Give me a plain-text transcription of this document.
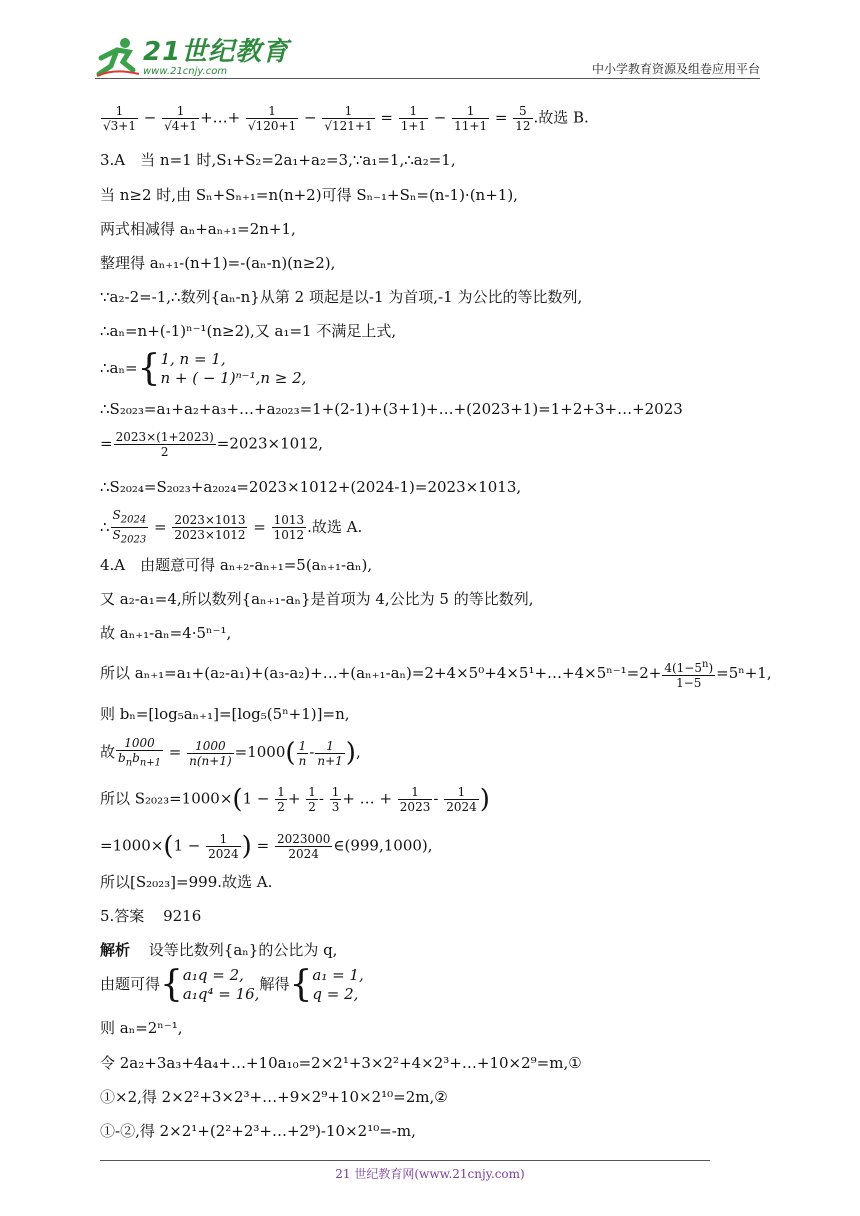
21世纪教育
www.21cnjy.com	中小学教育资源及组卷应用平台
$\frac{1}{√3+1} - \frac{1}{√4+1}$ +…+ $\frac{1}{√120+1} - \frac{1}{√121+1} = \frac{1}{1+1} - \frac{1}{11+1} = \frac{5}{12}$ .故选 B.
3.A　当 n=1 时,S₁+S₂=2a₁+a₂=3,∵a₁=1,∴a₂=1,
当 n≥2 时,由 Sₙ+Sₙ₊₁=n(n+2)可得 Sₙ₋₁+Sₙ=(n-1)·(n+1),
两式相减得 aₙ+aₙ₊₁=2n+1,
整理得 aₙ₊₁-(n+1)=-(aₙ-n)(n≥2),
∵a₂-2=-1,∴数列{aₙ-n}从第 2 项起是以-1 为首项,-1 为公比的等比数列,
∴aₙ=n+(-1)ⁿ⁻¹(n≥2),又 a₁=1 不满足上式,
∴aₙ={ 1, n = 1,
n + ( − 1)ⁿ⁻¹,n ≥ 2,
∴S₂₀₂₃=a₁+a₂+a₃+…+a₂₀₂₃=1+(2-1)+(3+1)+…+(2023+1)=1+2+3+…+2023
= $\frac{2023\times(1+2023)}{2} =2023\times 1012$,
∴S₂₀₂₄=S₂₀₂₃+a₂₀₂₄=2023×1012+(2024-1)=2023×1013,
∴ $\frac{S_{2024}}{S_{2023}} = \frac{2023\times 1013}{2023\times 1012} = \frac{1013}{1012}$ .故选 A.
4.A　由题意可得 aₙ₊₂-aₙ₊₁=5(aₙ₊₁-aₙ),
又 a₂-a₁=4,所以数列{aₙ₊₁-aₙ}是首项为 4,公比为 5 的等比数列,
故 aₙ₊₁-aₙ=4·5ⁿ⁻¹,
所以 aₙ₊₁=a₁+(a₂-a₁)+(a₃-a₂)+…+(aₙ₊₁-aₙ)=2+4×5⁰+4×5¹+…+4×5ⁿ⁻¹=2+ $\frac{4(1-5^n)}{1-5} =5^n+1$,
则 bₙ=[log₅aₙ₊₁]=[log₅(5ⁿ+1)]=n,
故 $\frac{1000}{b_nb_{n+1}} = \frac{1000}{n(n+1)} =1000( \frac{1}{n} - \frac{1}{n+1}$ ),
所以 $S_{2023}=1000\times(1 - \frac{1}{2} + \frac{1}{2} - \frac{1}{3}$ + … + $\frac{1}{2023} - \frac{1}{2024}$ )
$=1000\times(1 - \frac{1}{2024}$ ) = $\frac{2023000}{2024}$ ∈(999,1000),
所以[S₂₀₂₃]=999.故选 A.
5.答案 9216
解析 设等比数列{aₙ}的公比为 q,
由题可得{ a₁q = 2,
a₁q⁴ = 16,
解得{ a₁ = 1,
q = 2,
则 aₙ=2ⁿ⁻¹,
令 2a₂+3a₃+4a₄+…+10a₁₀=2×2¹+3×2²+4×2³+…+10×2⁹=m,①
①×2,得 2×2²+3×2³+…+9×2⁹+10×2¹⁰=2m,②
①-②,得 2×2¹+(2²+2³+…+2⁹)-10×2¹⁰=-m,
21 世纪教育网(www.21cnjy.com)
